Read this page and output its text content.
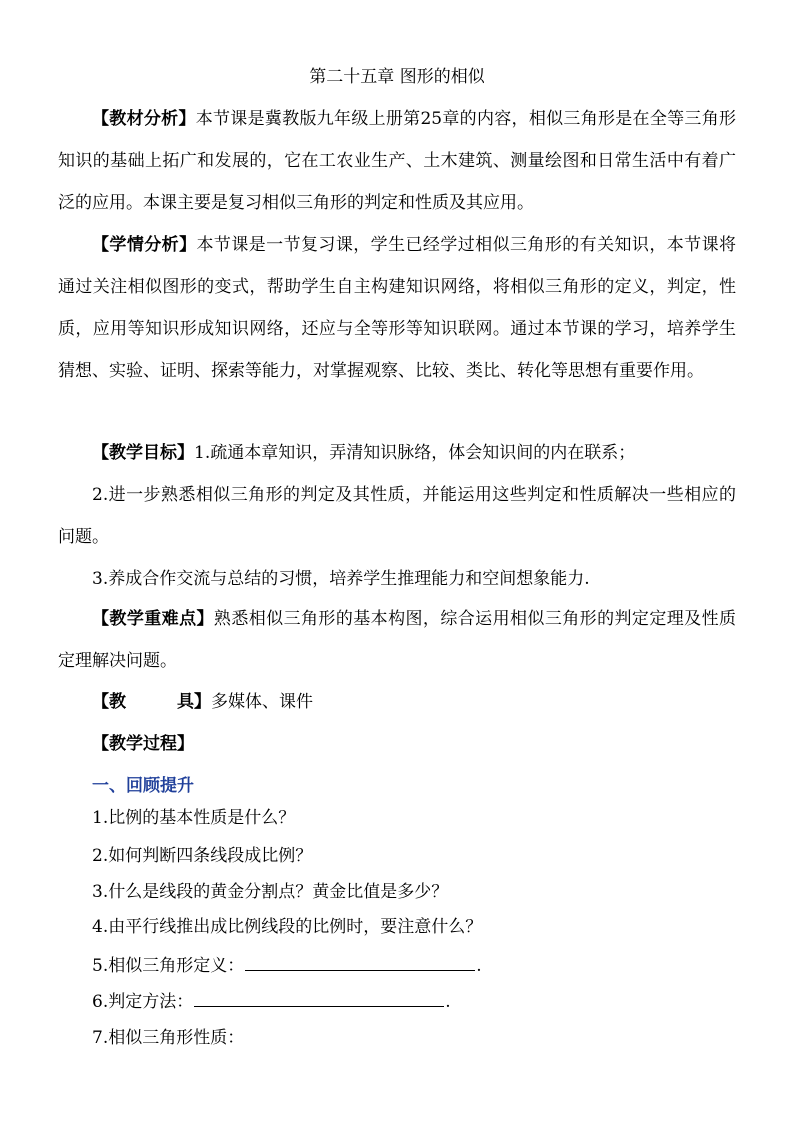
第二十五章 图形的相似
【教材分析】本节课是冀教版九年级上册第25章的内容，相似三角形是在全等三角形知识的基础上拓广和发展的，它在工农业生产、土木建筑、测量绘图和日常生活中有着广泛的应用。本课主要是复习相似三角形的判定和性质及其应用。
【学情分析】本节课是一节复习课，学生已经学过相似三角形的有关知识，本节课将通过关注相似图形的变式，帮助学生自主构建知识网络，将相似三角形的定义，判定，性质，应用等知识形成知识网络，还应与全等形等知识联网。通过本节课的学习，培养学生猜想、实验、证明、探索等能力，对掌握观察、比较、类比、转化等思想有重要作用。
【教学目标】1.疏通本章知识，弄清知识脉络，体会知识间的内在联系；
2.进一步熟悉相似三角形的判定及其性质，并能运用这些判定和性质解决一些相应的问题。
3.养成合作交流与总结的习惯，培养学生推理能力和空间想象能力.
【教学重难点】熟悉相似三角形的基本构图，综合运用相似三角形的判定定理及性质定理解决问题。
【教　　　具】多媒体、课件
【教学过程】
一、回顾提升
1.比例的基本性质是什么？
2.如何判断四条线段成比例？
3.什么是线段的黄金分割点？黄金比值是多少？
4.由平行线推出成比例线段的比例时，要注意什么？
5.相似三角形定义：	.
6.判定方法：	.
7.相似三角形性质：
